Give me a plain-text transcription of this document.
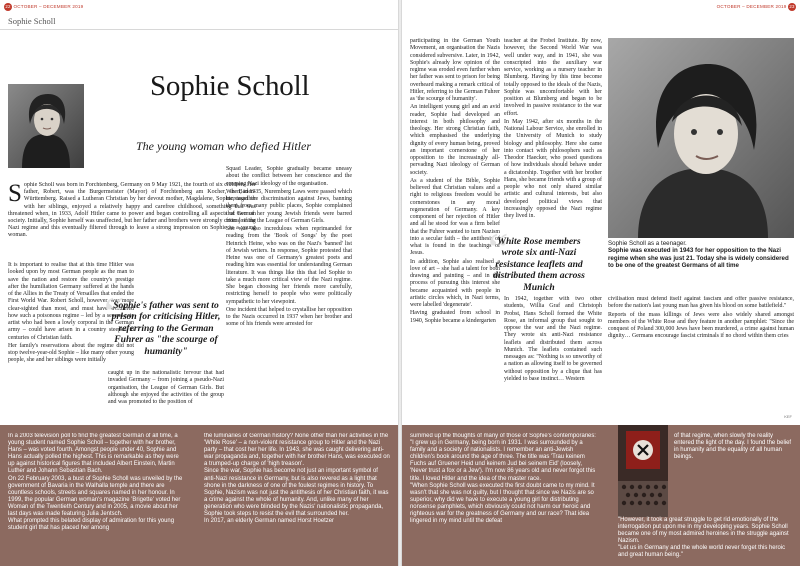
22 OCTOBER – DECEMBER 2019
Sophie Scholl
Sophie Scholl
The young woman who defied Hitler
S ophie Scholl was born in Forchtenberg, Germany on 9 May 1921, the fourth of six children. Her father, Robert, was the Burgermeister (Mayor) of Forchtenberg am Kocher, in Baden-Württemberg. Raised a Lutheran Christian by her devout mother, Magdalene, Sophie, together with her siblings, enjoyed a relatively happy and carefree childhood, something that was threatened when, in 1933, Adolf Hitler came to power and began controlling all aspects of German society. Initially, Sophie herself was unaffected, but her father and brothers were strongly critical of the Nazi regime and this eventually filtered through to leave a strong impression on Sophie as a young woman.

It is important to realise that at this time Hitler was looked upon by most German people as the man to save the nation and restore the country's prestige after the humiliation Germany suffered at the hands of the Allies in the Treaty of Versailles that ended the First World War. Robert Scholl, however, was more clear-sighted than most, and must have wondered how such a poisonous regime – led by a second-rate artist who had been a lowly corporal in the German army – could have arisen in a country steeped in centuries of Christian faith.

Her family's reservations about the regime did not stop twelve-year-old Sophie – like many other young people, she and her siblings were initially

“
Sophie's father was sent to prison for criticising Hitler, referring to the German Fuhrer as "the scourge of humanity"

Squad Leader, Sophie gradually became uneasy about the conflict between her conscience and the creeping Nazi ideology of the organisation.

When, in 1935, Nuremberg Laws were passed which increased the discrimination against Jews, banning them from many public places, Sophie complained that two of her young Jewish friends were barred from joining the League of German Girls.

She was also incredulous when reprimanded for reading from the 'Book of Songs' by the poet Heinrich Heine, who was on the Nazi's 'banned' list of Jewish writers. In response, Sophie protested that Heine was one of Germany's greatest poets and reading him was essential for understanding German literature. It was things like this that led Sophie to take a much more critical view of the Nazi regime. She began choosing her friends more carefully, restricting herself to people who were politically sympathetic to her viewpoint.

One incident that helped to crystallise her opposition to the Nazis occurred in 1937 when her brother and some of his friends were arrested for

caught up in the nationalistic fervour that had invaded Germany – from joining a pseudo-Nazi organisation, the League of German Girls. But although she enjoyed the activities of the group and was promoted to the position of

In a 2003 television poll to find the greatest German of all time, a young student named Sophie Scholl – together with her brother, Hans – was voted fourth. Amongst people under 40, Sophie and Hans actually polled the highest. This is remarkable as they were up against historical figures that included Albert Einstein, Martin Luther and Johann Sebastian Bach.

On 22 February 2003, a bust of Sophie Scholl was unveiled by the government of Bavaria in the Walhalla temple and there are countless schools, streets and squares named in her honour. In 1999, the popular German woman's magazine 'Brigette' voted her Woman of the Twentieth Century and in 2005, a movie about her last days was made featuring Julia Jentsch.

What prompted this belated display of admiration for this young student girl that has placed her among

the luminaries of German history? None other than her activities in the 'White Rose' – a non-violent resistance group to Hitler and the Nazi party – that cost her her life. In 1943, she was caught delivering anti-war propaganda and, together with her brother Hans, was executed on a trumped-up charge of 'high treason'.

Since the war, Sophie has become not just an important symbol of anti-Nazi resistance in Germany, but is also revered as a light that shone in the darkness of one of the foulest regimes in history. To Sophie, Nazism was not just the antithesis of her Christian faith, it was a crime against the whole of humanity. And, unlike many of her generation who were blinded by the Nazis' nationalistic propaganda, Sophie took steps to resist the evil that surrounded her.

In 2017, an elderly German named Horst Hoetzer

OCTOBER – DECEMBER 2019 23

participating in the German Youth Movement, an organisation the Nazis considered subversive. Later, in 1942, Sophie's already low opinion of the regime was eroded even further when her father was sent to prison for being overheard making a remark critical of Hitler, referring to the German Fuhrer as 'the scourge of humanity'.

An intelligent young girl and an avid reader, Sophie had developed an interest in both philosophy and theology. Her strong Christian faith, which emphasised the underlying dignity of every human being, proved an important cornerstone of her opposition to the increasingly all-pervading Nazi ideology of German society.

As a student of the Bible, Sophie believed that Christian values and a right to religious freedom would be cornerstones in any moral regeneration of Germany. A key component of her rejection of Hitler and all he stood for was a firm belief that the Fuhrer wanted to turn Nazism into a secular faith – the antithesis of what is found in the teachings of Jesus.

In addition, Sophie also realised a love of art – she had a talent for both drawing and painting – and in the process of pursuing this interest she became acquainted with people in artistic circles which, in Nazi terms, were labelled 'degenerate'.

Having graduated from school in 1940, Sophie became a kindergarten

teacher at the Frobel Institute. By now, however, the Second World War was well under way, and in 1941, she was conscripted into the auxiliary war service, working as a nursery teacher in Blumberg. Having by this time become totally opposed to the ideals of the Nazis, Sophie was uncomfortable with her position at Blumberg and began to be involved in passive resistance to the war effort.

In May 1942, after six months in the National Labour Service, she enrolled in the University of Munich to study biology and philosophy. Here she came into contact with philosophers such as Theodor Haecker, who posed questions of how individuals should behave under a dictatorship. Together with her brother Hans, she became friends with a group of people who not only shared similar artistic and cultural interests, but also developed political views that increasingly opposed the Nazi regime they lived in.

“
White Rose members wrote six anti-Nazi resistance leaflets and distributed them across Munich

In 1942, together with two other students, Willia Graf and Christoph Probst, Hans Scholl formed the White Rose, an informal group that sought to oppose the war and the Nazi regime. They wrote six anti-Nazi resistance leaflets and distributed them across Munich. The leaflets contained such messages as: "Nothing is so unworthy of a nation as allowing itself to be governed without opposition by a clique that has yielded to base instinct… Western

Sophie Scholl as a teenager.
Sophie was executed in 1943 for her opposition to the Nazi regime when she was just 21. Today she is widely considered to be one of the greatest Germans of all time

civilisation must defend itself against fascism and offer passive resistance, before the nation's last young man has given his blood on some battlefield."

Reports of the mass killings of Jews were also widely shared amongst members of the White Rose and they feature in another pamphlet: "Since the conquest of Poland 300,000 Jews have been murdered, a crime against human dignity… Germans encourage fascist criminals if no chord within them cries

KEF

summed up the thoughts of many of those of Sophie's contemporaries: "I grew up in Germany, being born in 1931. I was surrounded by a family and a society of nationalists. I remember an anti-Jewish children's book around the age of three. The title was 'Trau keinem Fuchs auf Gruener Heid und keinem Jud bei seinem Eid' (loosely, 'Never trust a fox or a Jew'). I'm now 86 years old and never forgot this title. I loved Hitler and the idea of the master race.

"When Sophie Scholl was executed the first doubt came to my mind. It wasn't that she was not guilty, but I thought that since we Nazis are so superior, why did we have to execute a young girl for distributing nonsense pamphlets, which obviously could not harm our heroic and righteous war for the greatness of Germany and our race? That idea lingered in my mind until the defeat

of that regime, when slowly the reality entered the light of the day. I found the belief in humanity and the equality of all human beings.

"However, it took a great struggle to get rid emotionally of the interrogation put upon me in my developing years. Sophie Scholl became one of my most admired heroines in the struggle against Nazism.

"Let us in Germany and the whole world never forget this heroic and great human being."
